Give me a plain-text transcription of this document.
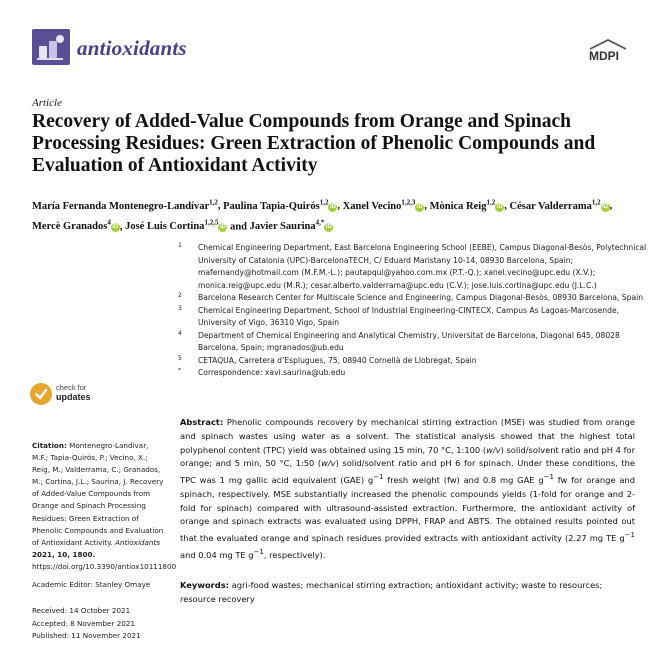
antioxidants	MDPI
Article
Recovery of Added-Value Compounds from Orange and Spinach Processing Residues: Green Extraction of Phenolic Compounds and Evaluation of Antioxidant Activity
María Fernanda Montenegro-Landívar$^{1,2}$, Paulina Tapia-Quirós$^{1,2}$iD , Xanel Vecino$^{1,2,3}$iD , Mònica Reig$^{1,2}$iD , César Valderrama$^{1,2}$iD , Mercè Granados$^4$iD , José Luis Cortina$^{1,2,5}$iD and Javier Saurina$^{4,*}$iD
1 Chemical Engineering Department, East Barcelona Engineering School (EEBE), Campus Diagonal-Besòs, Polytechnical University of Catalonia (UPC)-BarcelonaTECH, C/ Eduard Maristany 10-14, 08930 Barcelona, Spain; mafernandy@hotmail.com (M.F.M.-L.); pautapqui@yahoo.com.mx (P.T.-Q.); xanel.vecino@upc.edu (X.V.); monica.reig@upc.edu (M.R.); cesar.alberto.valderrama@upc.edu (C.V.); jose.luis.cortina@upc.edu (J.L.C.)
2 Barcelona Research Center for Multiscale Science and Engineering, Campus Diagonal-Besòs, 08930 Barcelona, Spain
3 Chemical Engineering Department, School of Industrial Engineering-CINTECX, Campus As Lagoas-Marcosende, University of Vigo, 36310 Vigo, Spain
4 Department of Chemical Engineering and Analytical Chemistry, Universitat de Barcelona, Diagonal 645, 08028 Barcelona, Spain; mgranados@ub.edu
5 CETAQUA, Carretera d’Esplugues, 75, 08940 Cornellà de Llobregat, Spain
* Correspondence: xavi.saurina@ub.edu
check for
updates
Citation: Montenegro-Landívar, M.F.; Tapia-Quirós, P.; Vecino, X.; Reig, M.; Valderrama, C.; Granados, M.; Cortina, J.L.; Saurina, J. Recovery of Added-Value Compounds from Orange and Spinach Processing Residues: Green Extraction of Phenolic Compounds and Evaluation of Antioxidant Activity. Antioxidants 2021, 10, 1800. https://doi.org/10.3390/antiox10111800
Academic Editor: Stanley Omaye
Received: 14 October 2021
Accepted: 8 November 2021
Published: 11 November 2021
Abstract: Phenolic compounds recovery by mechanical stirring extraction (MSE) was studied from orange and spinach wastes using water as a solvent. The statistical analysis showed that the highest total polyphenol content (TPC) yield was obtained using 15 min, 70 °C, 1:100 (w/v) solid/solvent ratio and pH 4 for orange; and 5 min, 50 °C, 1:50 (w/v) solid/solvent ratio and pH 6 for spinach. Under these conditions, the TPC was 1 mg gallic acid equivalent (GAE) $g^{-1}$ fresh weight (fw) and 0.8 mg GAE $g^{-1}$ fw for orange and spinach, respectively. MSE substantially increased the phenolic compounds yields (1-fold for orange and 2-fold for spinach) compared with ultrasound-assisted extraction. Furthermore, the antioxidant activity of orange and spinach extracts was evaluated using DPPH, FRAP and ABTS. The obtained results pointed out that the evaluated orange and spinach residues provided extracts with antioxidant activity (2.27 mg TE $g^{-1}$ and 0.04 mg TE $g^{-1}$, respectively).
Keywords: agri-food wastes; mechanical stirring extraction; antioxidant activity; waste to resources; resource recovery
